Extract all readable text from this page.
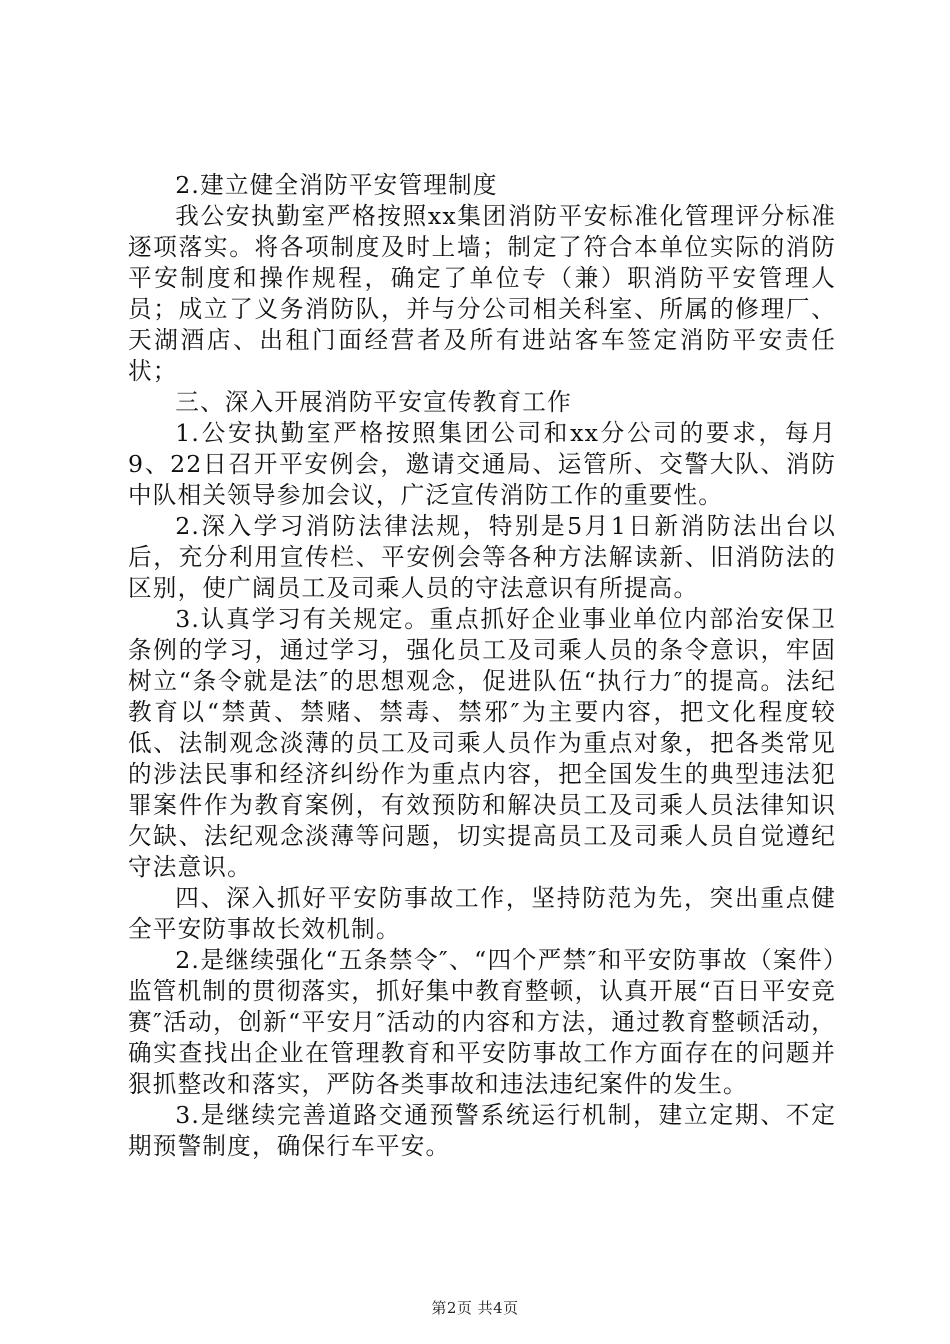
2.建立健全消防平安管理制度

我公安执勤室严格按照xx集团消防平安标准化管理评分标准逐项落实。将各项制度及时上墙；制定了符合本单位实际的消防平安制度和操作规程，确定了单位专（兼）职消防平安管理人员；成立了义务消防队，并与分公司相关科室、所属的修理厂、天湖酒店、出租门面经营者及所有进站客车签定消防平安责任状；

三、深入开展消防平安宣传教育工作

1.公安执勤室严格按照集团公司和xx分公司的要求，每月9、22日召开平安例会，邀请交通局、运管所、交警大队、消防中队相关领导参加会议，广泛宣传消防工作的重要性。

2.深入学习消防法律法规，特别是5月1日新消防法出台以后，充分利用宣传栏、平安例会等各种方法解读新、旧消防法的区别，使广阔员工及司乘人员的守法意识有所提高。

3.认真学习有关规定。重点抓好企业事业单位内部治安保卫条例的学习，通过学习，强化员工及司乘人员的条令意识，牢固树立“条令就是法″的思想观念，促进队伍“执行力″的提高。法纪教育以“禁黄、禁赌、禁毒、禁邪″为主要内容，把文化程度较低、法制观念淡薄的员工及司乘人员作为重点对象，把各类常见的涉法民事和经济纠纷作为重点内容，把全国发生的典型违法犯罪案件作为教育案例，有效预防和解决员工及司乘人员法律知识欠缺、法纪观念淡薄等问题，切实提高员工及司乘人员自觉遵纪守法意识。

四、深入抓好平安防事故工作，坚持防范为先，突出重点健全平安防事故长效机制。

2.是继续强化“五条禁令″、“四个严禁″和平安防事故（案件）监管机制的贯彻落实，抓好集中教育整顿，认真开展“百日平安竞赛″活动，创新“平安月″活动的内容和方法，通过教育整顿活动，确实查找出企业在管理教育和平安防事故工作方面存在的问题并狠抓整改和落实，严防各类事故和违法违纪案件的发生。

3.是继续完善道路交通预警系统运行机制，建立定期、不定期预警制度，确保行车平安。

第2页 共4页
